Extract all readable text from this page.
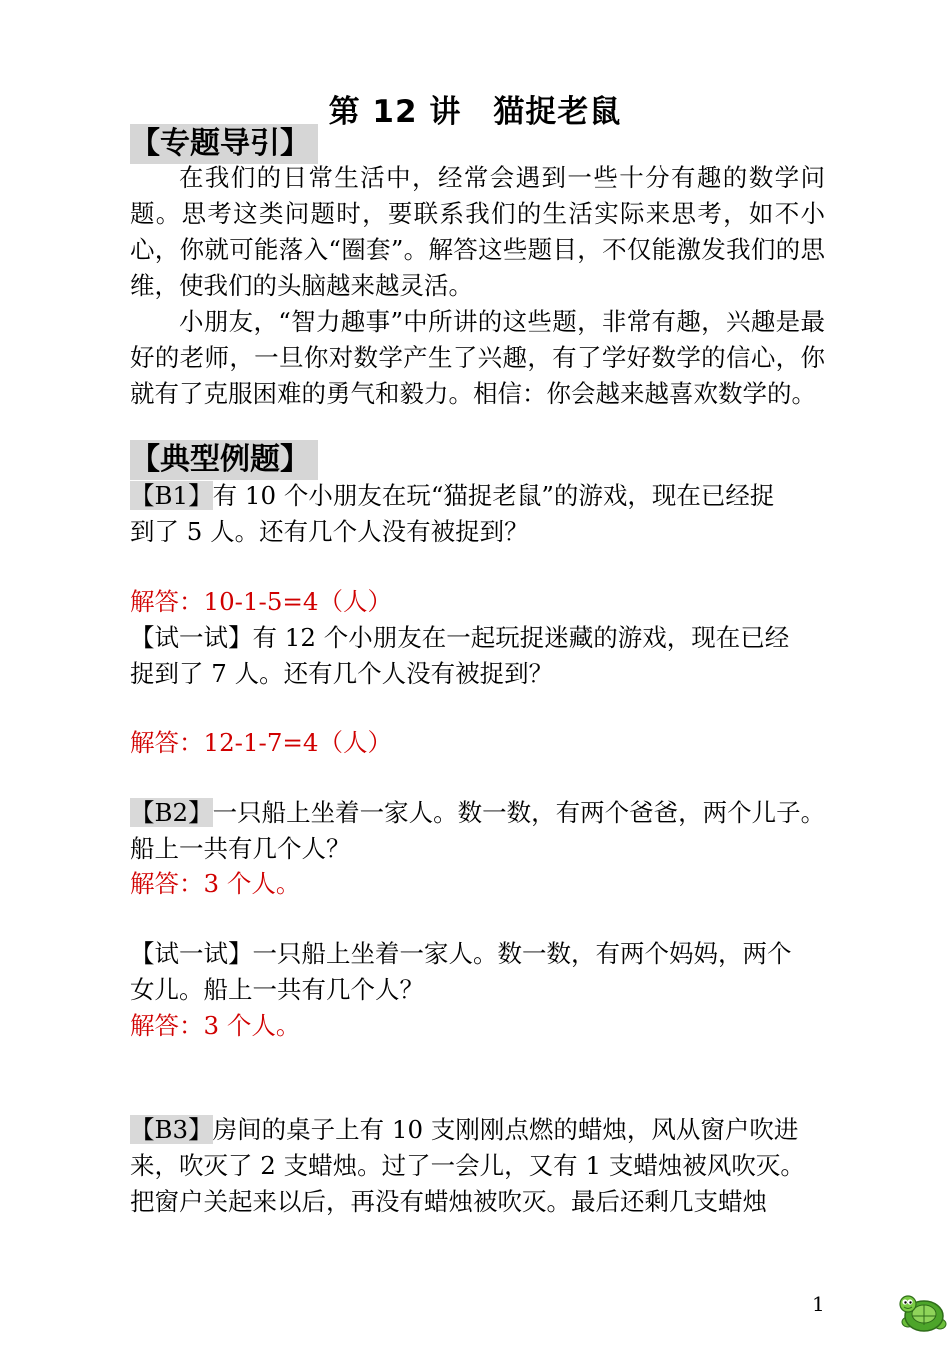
第 12 讲　猫捉老鼠
【专题导引】
在我们的日常生活中，经常会遇到一些十分有趣的数学问题。思考这类问题时，要联系我们的生活实际来思考，如不小心，你就可能落入“圈套”。解答这些题目，不仅能激发我们的思维，使我们的头脑越来越灵活。
小朋友，“智力趣事”中所讲的这些题，非常有趣，兴趣是最好的老师，一旦你对数学产生了兴趣，有了学好数学的信心，你就有了克服困难的勇气和毅力。相信：你会越来越喜欢数学的。
【典型例题】
【B1】有 10 个小朋友在玩“猫捉老鼠”的游戏，现在已经捉
到了 5 人。还有几个人没有被捉到？
解答：10-1-5=4（人）
【试一试】有 12 个小朋友在一起玩捉迷藏的游戏，现在已经
捉到了 7 人。还有几个人没有被捉到？
解答：12-1-7=4（人）
【B2】一只船上坐着一家人。数一数，有两个爸爸，两个儿子。
船上一共有几个人？
解答：3 个人。
【试一试】一只船上坐着一家人。数一数，有两个妈妈，两个
女儿。船上一共有几个人？
解答：3 个人。
【B3】房间的桌子上有 10 支刚刚点燃的蜡烛，风从窗户吹进
来，吹灭了 2 支蜡烛。过了一会儿，又有 1 支蜡烛被风吹灭。
把窗户关起来以后，再没有蜡烛被吹灭。最后还剩几支蜡烛
1
